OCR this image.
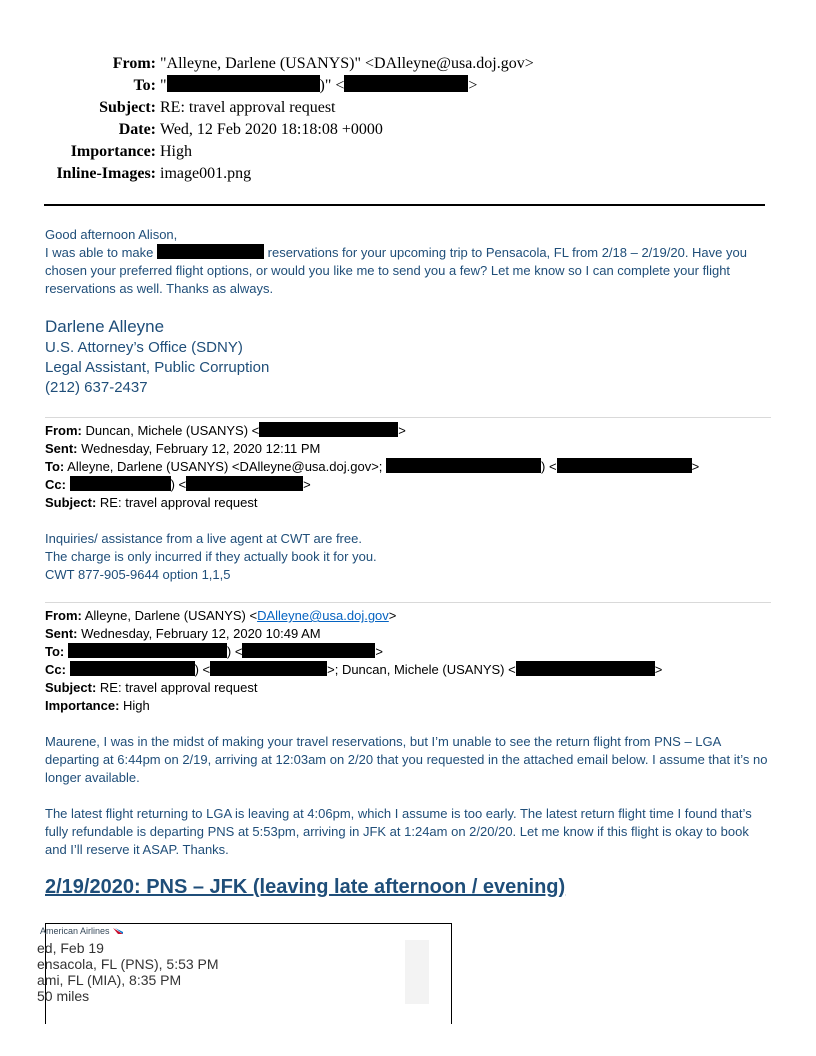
From: "Alleyne, Darlene (USANYS)" <DAlleyne@usa.doj.gov>
To: "	)" <	>
Subject: RE: travel approval request
Date: Wed, 12 Feb 2020 18:18:08 +0000
Importance: High
Inline-Images: image001.png
Good afternoon Alison,
I was able to make	reservations for your upcoming trip to Pensacola, FL from 2/18 – 2/19/20. Have you chosen your preferred flight options, or would you like me to send you a few? Let me know so I can complete your flight reservations as well. Thanks as always.
Darlene Alleyne
U.S. Attorney’s Office (SDNY)
Legal Assistant, Public Corruption
(212) 637-2437
From: Duncan, Michele (USANYS) <	>
Sent: Wednesday, February 12, 2020 12:11 PM
To: Alleyne, Darlene (USANYS) <DAlleyne@usa.doj.gov>;	) <	>
Cc:	) <	>
Subject: RE: travel approval request
Inquiries/ assistance from a live agent at CWT are free.
The charge is only incurred if they actually book it for you.
CWT 877-905-9644 option 1,1,5
From: Alleyne, Darlene (USANYS) <DAlleyne@usa.doj.gov>
Sent: Wednesday, February 12, 2020 10:49 AM
To:	) <	>
Cc:	) <	>; Duncan, Michele (USANYS) <	>
Subject: RE: travel approval request
Importance: High
Maurene, I was in the midst of making your travel reservations, but I’m unable to see the return flight from PNS – LGA departing at 6:44pm on 2/19, arriving at 12:03am on 2/20 that you requested in the attached email below. I assume that it’s no longer available.
The latest flight returning to LGA is leaving at 4:06pm, which I assume is too early. The latest return flight time I found that’s fully refundable is departing PNS at 5:53pm, arriving in JFK at 1:24am on 2/20/20. Let me know if this flight is okay to book and I’ll reserve it ASAP. Thanks.
2/19/2020: PNS – JFK (leaving late afternoon / evening)
American Airlines
ed, Feb 19
ensacola, FL (PNS), 5:53 PM
ami, FL (MIA), 8:35 PM
50 miles
